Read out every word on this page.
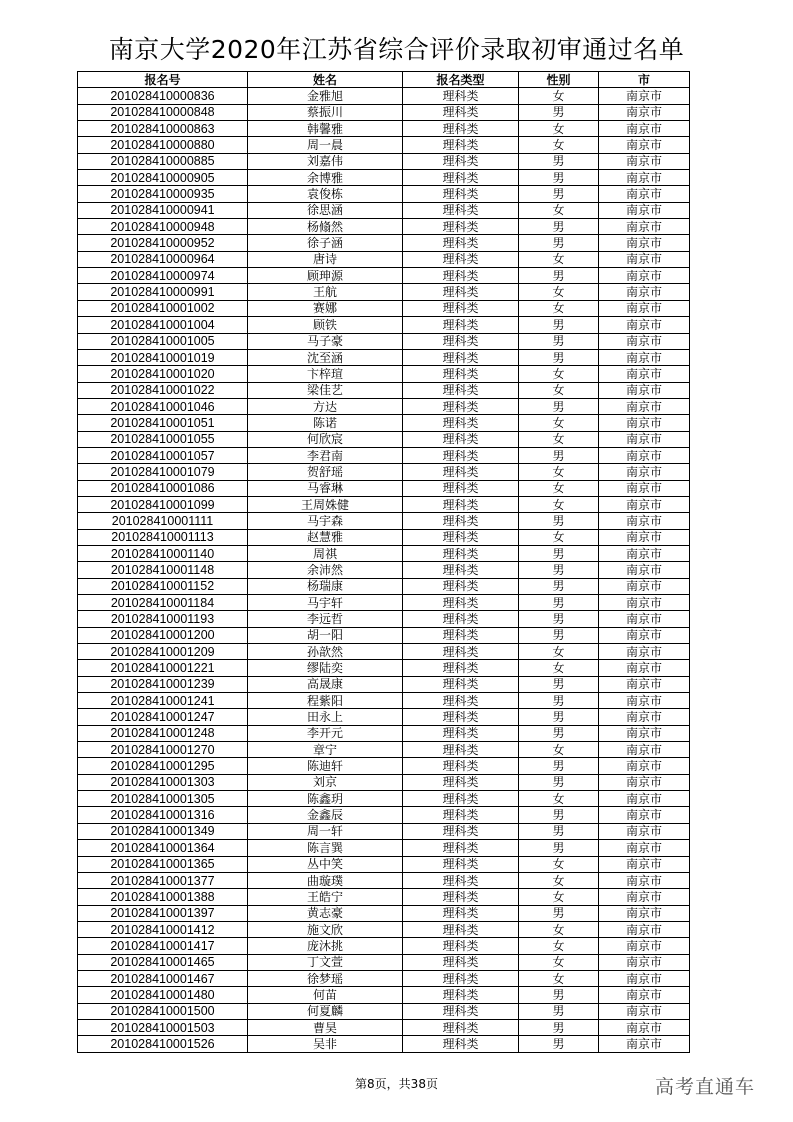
南京大学2020年江苏省综合评价录取初审通过名单
报名号	姓名	报名类型	性别	市
201028410000836	金雅旭	理科类	女	南京市
201028410000848	蔡振川	理科类	男	南京市
201028410000863	韩馨雅	理科类	女	南京市
201028410000880	周一晨	理科类	女	南京市
201028410000885	刘嘉伟	理科类	男	南京市
201028410000905	余博雅	理科类	男	南京市
201028410000935	袁俊栋	理科类	男	南京市
201028410000941	徐思涵	理科类	女	南京市
201028410000948	杨翛然	理科类	男	南京市
201028410000952	徐子涵	理科类	男	南京市
201028410000964	唐诗	理科类	女	南京市
201028410000974	顾珅源	理科类	男	南京市
201028410000991	王航	理科类	女	南京市
201028410001002	赛娜	理科类	女	南京市
201028410001004	顾铁	理科类	男	南京市
201028410001005	马子豪	理科类	男	南京市
201028410001019	沈至涵	理科类	男	南京市
201028410001020	卞梓瑄	理科类	女	南京市
201028410001022	梁佳艺	理科类	女	南京市
201028410001046	方达	理科类	男	南京市
201028410001051	陈诺	理科类	女	南京市
201028410001055	何欣宸	理科类	女	南京市
201028410001057	李君南	理科类	男	南京市
201028410001079	贺舒瑶	理科类	女	南京市
201028410001086	马睿琳	理科类	女	南京市
201028410001099	王周姝健	理科类	女	南京市
201028410001111	马宇森	理科类	男	南京市
201028410001113	赵慧雅	理科类	女	南京市
201028410001140	周祺	理科类	男	南京市
201028410001148	余沛然	理科类	男	南京市
201028410001152	杨瑞康	理科类	男	南京市
201028410001184	马宇轩	理科类	男	南京市
201028410001193	李远哲	理科类	男	南京市
201028410001200	胡一阳	理科类	男	南京市
201028410001209	孙歆然	理科类	女	南京市
201028410001221	缪陆奕	理科类	女	南京市
201028410001239	高晟康	理科类	男	南京市
201028410001241	程紫阳	理科类	男	南京市
201028410001247	田永上	理科类	男	南京市
201028410001248	李开元	理科类	男	南京市
201028410001270	章宁	理科类	女	南京市
201028410001295	陈迪轩	理科类	男	南京市
201028410001303	刘京	理科类	男	南京市
201028410001305	陈鑫玥	理科类	女	南京市
201028410001316	金鑫辰	理科类	男	南京市
201028410001349	周一轩	理科类	男	南京市
201028410001364	陈言巽	理科类	男	南京市
201028410001365	丛中笑	理科类	女	南京市
201028410001377	曲璇璞	理科类	女	南京市
201028410001388	王皓宁	理科类	女	南京市
201028410001397	黄志豪	理科类	男	南京市
201028410001412	施文欣	理科类	女	南京市
201028410001417	庞沐挑	理科类	女	南京市
201028410001465	丁文萱	理科类	女	南京市
201028410001467	徐梦瑶	理科类	女	南京市
201028410001480	何苗	理科类	男	南京市
201028410001500	何夏麟	理科类	男	南京市
201028410001503	曹昊	理科类	男	南京市
201028410001526	吴非	理科类	男	南京市
第8页，共38页	高考直通车
